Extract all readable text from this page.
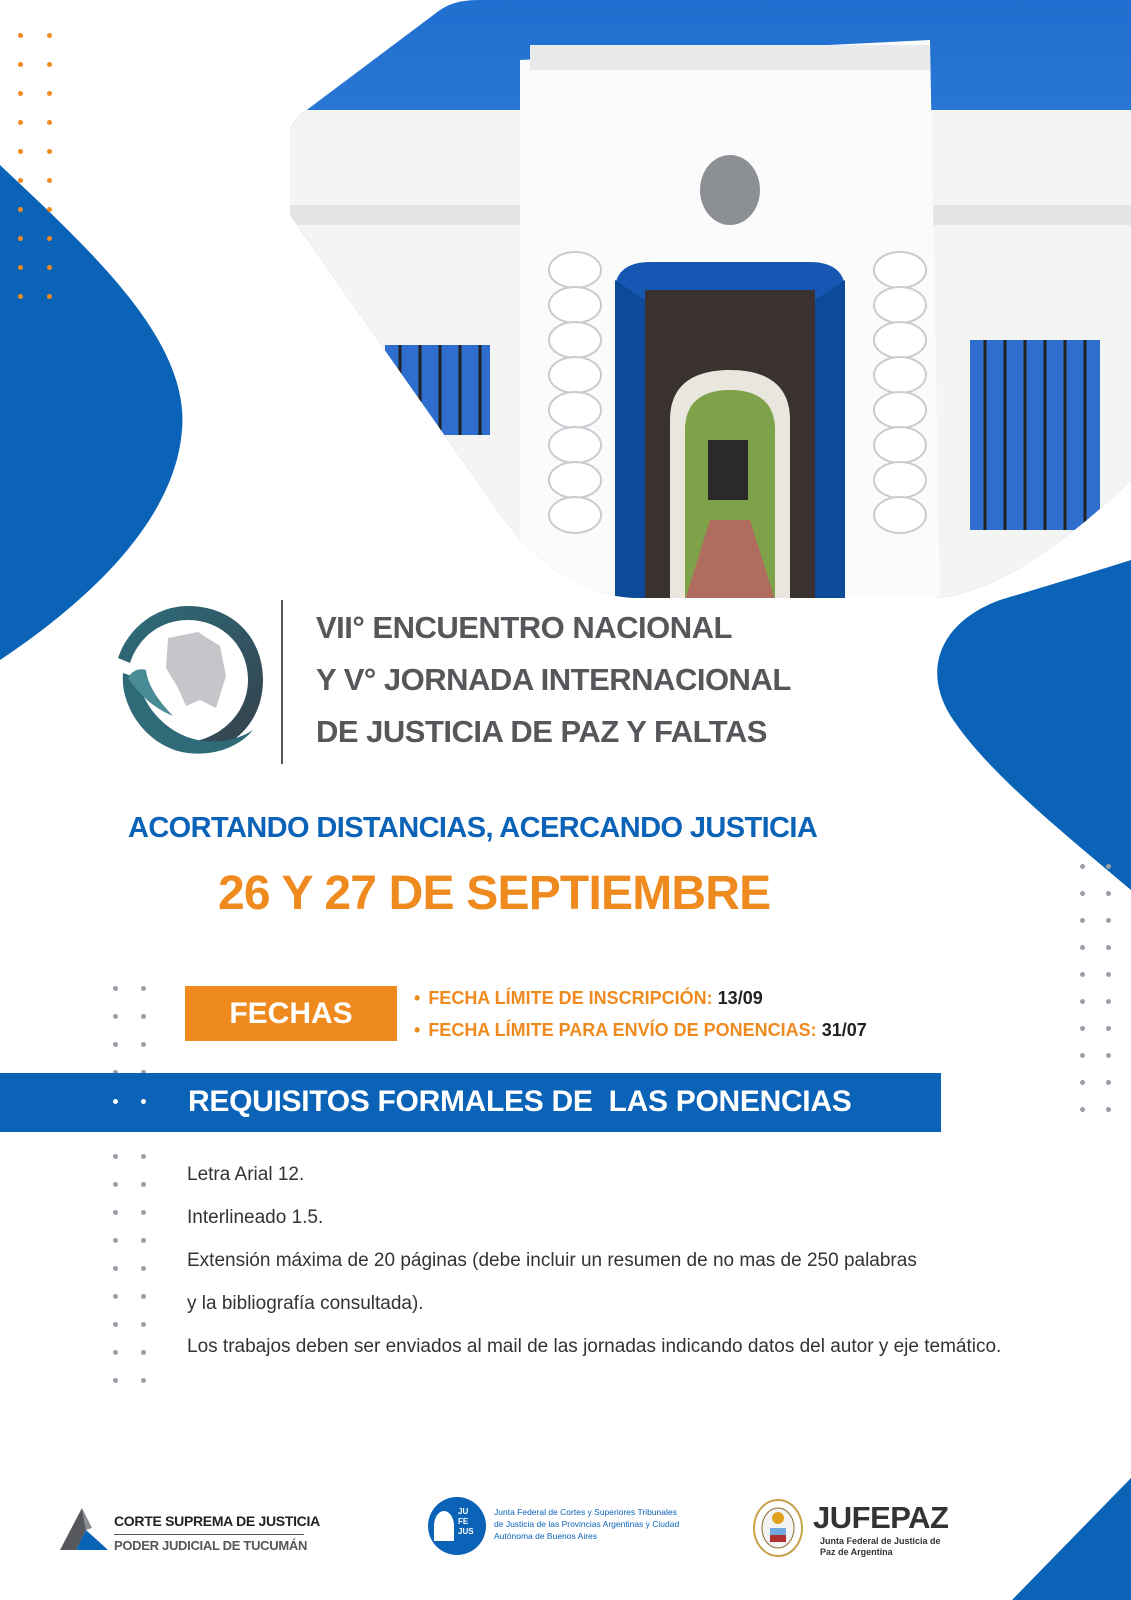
VII° ENCUENTRO NACIONAL
Y V° JORNADA INTERNACIONAL
DE JUSTICIA DE PAZ Y FALTAS
ACORTANDO DISTANCIAS, ACERCANDO JUSTICIA
26 Y 27 DE SEPTIEMBRE
FECHAS	• FECHA LÍMITE DE INSCRIPCIÓN: 13/09
• FECHA LÍMITE PARA ENVÍO DE PONENCIAS: 31/07
REQUISITOS FORMALES DE  LAS PONENCIAS
Letra Arial 12.
Interlineado 1.5.
Extensión máxima de 20 páginas (debe incluir un resumen de no mas de 250 palabras
y la bibliografía consultada).
Los trabajos deben ser enviados al mail de las jornadas indicando datos del autor y eje temático.
CORTE SUPREMA DE JUSTICIA
PODER JUDICIAL DE TUCUMÁN
JU
FE
JUS
Junta Federal de Cortes y Superiores Tribunales
de Justicia de las Provincias Argentinas y Ciudad
Autónoma de Buenos Aires
JUFEPAZ
Junta Federal de Justicia de
Paz de Argentina
